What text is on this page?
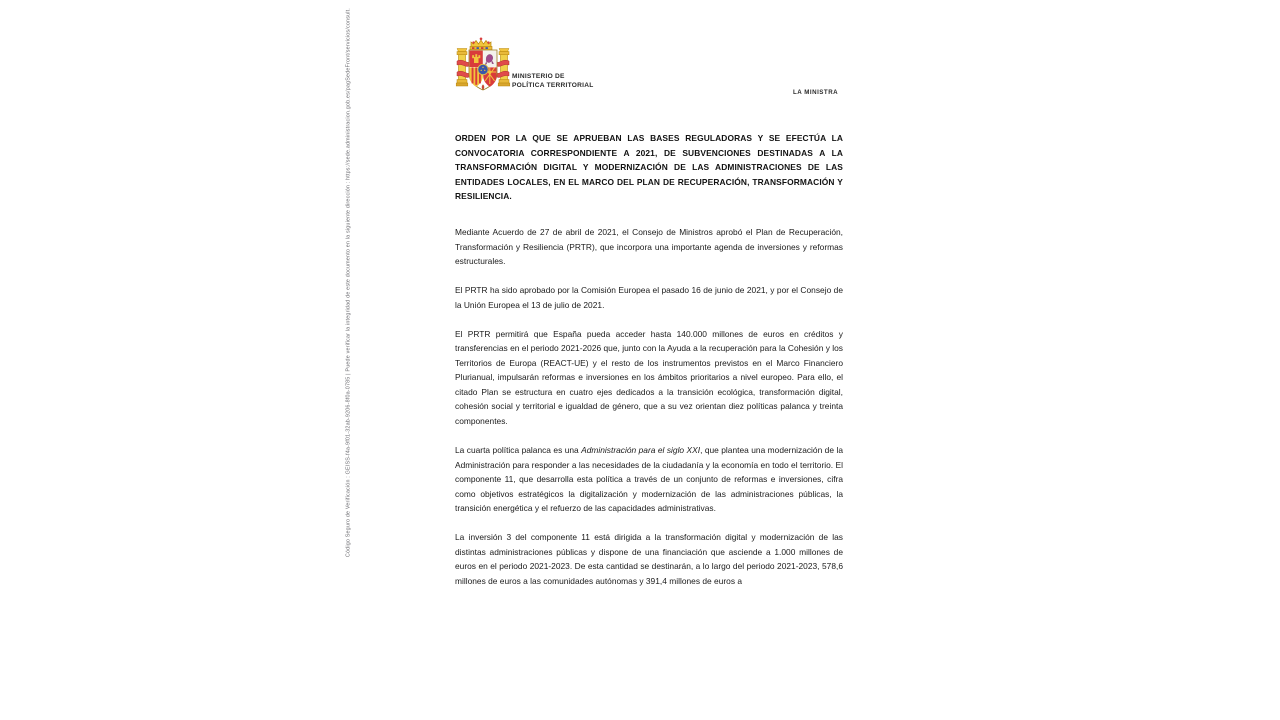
Código Seguro de Verificación : GEISS-f4a-9f01-32ab-9206-8f0a-0785 | Puede verificar la integridad de este documento en la siguiente dirección : https://sede.administracion.gob.es/pagSedeFront/servicios/consult.	MINISTERIO DE
POLÍTICA TERRITORIAL
LA MINISTRA

ORDEN POR LA QUE SE APRUEBAN LAS BASES REGULADORAS Y SE EFECTÚA LA CONVOCATORIA CORRESPONDIENTE A 2021, DE SUBVENCIONES DESTINADAS A LA TRANSFORMACIÓN DIGITAL Y MODERNIZACIÓN DE LAS ADMINISTRACIONES DE LAS ENTIDADES LOCALES, EN EL MARCO DEL PLAN DE RECUPERACIÓN, TRANSFORMACIÓN Y RESILIENCIA.

Mediante Acuerdo de 27 de abril de 2021, el Consejo de Ministros aprobó el Plan de Recuperación, Transformación y Resiliencia (PRTR), que incorpora una importante agenda de inversiones y reformas estructurales.

El PRTR ha sido aprobado por la Comisión Europea el pasado 16 de junio de 2021, y por el Consejo de la Unión Europea el 13 de julio de 2021.

El PRTR permitirá que España pueda acceder hasta 140.000 millones de euros en créditos y transferencias en el periodo 2021-2026 que, junto con la Ayuda a la recuperación para la Cohesión y los Territorios de Europa (REACT-UE) y el resto de los instrumentos previstos en el Marco Financiero Plurianual, impulsarán reformas e inversiones en los ámbitos prioritarios a nivel europeo. Para ello, el citado Plan se estructura en cuatro ejes dedicados a la transición ecológica, transformación digital, cohesión social y territorial e igualdad de género, que a su vez orientan diez políticas palanca y treinta componentes.

La cuarta política palanca es una Administración para el siglo XXI, que plantea una modernización de la Administración para responder a las necesidades de la ciudadanía y la economía en todo el territorio. El componente 11, que desarrolla esta política a través de un conjunto de reformas e inversiones, cifra como objetivos estratégicos la digitalización y modernización de las administraciones públicas, la transición energética y el refuerzo de las capacidades administrativas.

La inversión 3 del componente 11 está dirigida a la transformación digital y modernización de las distintas administraciones públicas y dispone de una financiación que asciende a 1.000 millones de euros en el periodo 2021-2023. De esta cantidad se destinarán, a lo largo del periodo 2021-2023, 578,6 millones de euros a las comunidades autónomas y 391,4 millones de euros a
